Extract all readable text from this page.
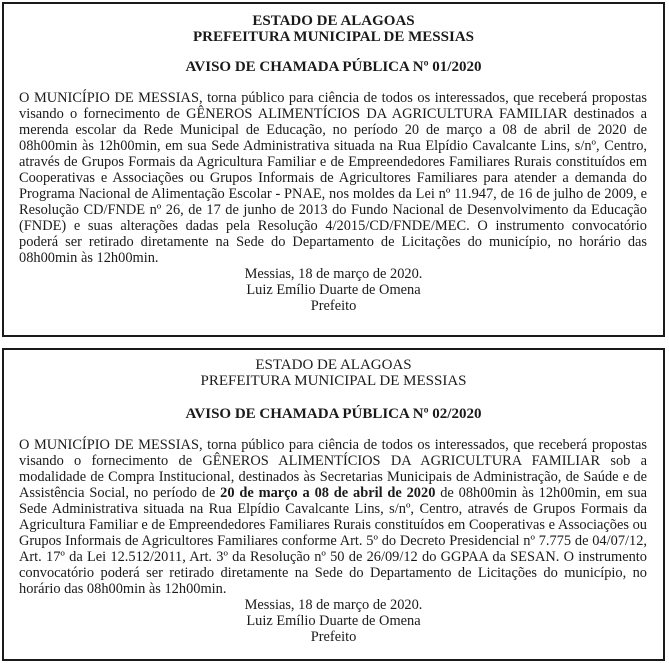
ESTADO DE ALAGOAS

PREFEITURA MUNICIPAL DE MESSIAS

AVISO DE CHAMADA PÚBLICA Nº 01/2020

O MUNICÍPIO DE MESSIAS, torna público para ciência de todos os interessados, que receberá propostas visando o fornecimento de GÊNEROS ALIMENTÍCIOS DA AGRICULTURA FAMILIAR destinados a merenda escolar da Rede Municipal de Educação, no período 20 de março a 08 de abril de 2020 de 08h00min às 12h00min, em sua Sede Administrativa situada na Rua Elpídio Cavalcante Lins, s/nº, Centro, através de Grupos Formais da Agricultura Familiar e de Empreendedores Familiares Rurais constituídos em Cooperativas e Associações ou Grupos Informais de Agricultores Familiares para atender a demanda do Programa Nacional de Alimentação Escolar - PNAE, nos moldes da Lei nº 11.947, de 16 de julho de 2009, e Resolução CD/FNDE nº 26, de 17 de junho de 2013 do Fundo Nacional de Desenvolvimento da Educação (FNDE) e suas alterações dadas pela Resolução 4/2015/CD/FNDE/MEC. O instrumento convocatório poderá ser retirado diretamente na Sede do Departamento de Licitações do município, no horário das 08h00min às 12h00min.

Messias, 18 de março de 2020.

Luiz Emílio Duarte de Omena

Prefeito

ESTADO DE ALAGOAS

PREFEITURA MUNICIPAL DE MESSIAS

AVISO DE CHAMADA PÚBLICA Nº 02/2020

O MUNICÍPIO DE MESSIAS, torna público para ciência de todos os interessados, que receberá propostas visando o fornecimento de GÊNEROS ALIMENTÍCIOS DA AGRICULTURA FAMILIAR sob a modalidade de Compra Institucional, destinados às Secretarias Municipais de Administração, de Saúde e de Assistência Social, no período de 20 de março a 08 de abril de 2020 de 08h00min às 12h00min, em sua Sede Administrativa situada na Rua Elpídio Cavalcante Lins, s/nº, Centro, através de Grupos Formais da Agricultura Familiar e de Empreendedores Familiares Rurais constituídos em Cooperativas e Associações ou Grupos Informais de Agricultores Familiares conforme Art. 5º do Decreto Presidencial nº 7.775 de 04/07/12, Art. 17º da Lei 12.512/2011, Art. 3º da Resolução nº 50 de 26/09/12 do GGPAA da SESAN. O instrumento convocatório poderá ser retirado diretamente na Sede do Departamento de Licitações do município, no horário das 08h00min às 12h00min.

Messias, 18 de março de 2020.

Luiz Emílio Duarte de Omena

Prefeito
